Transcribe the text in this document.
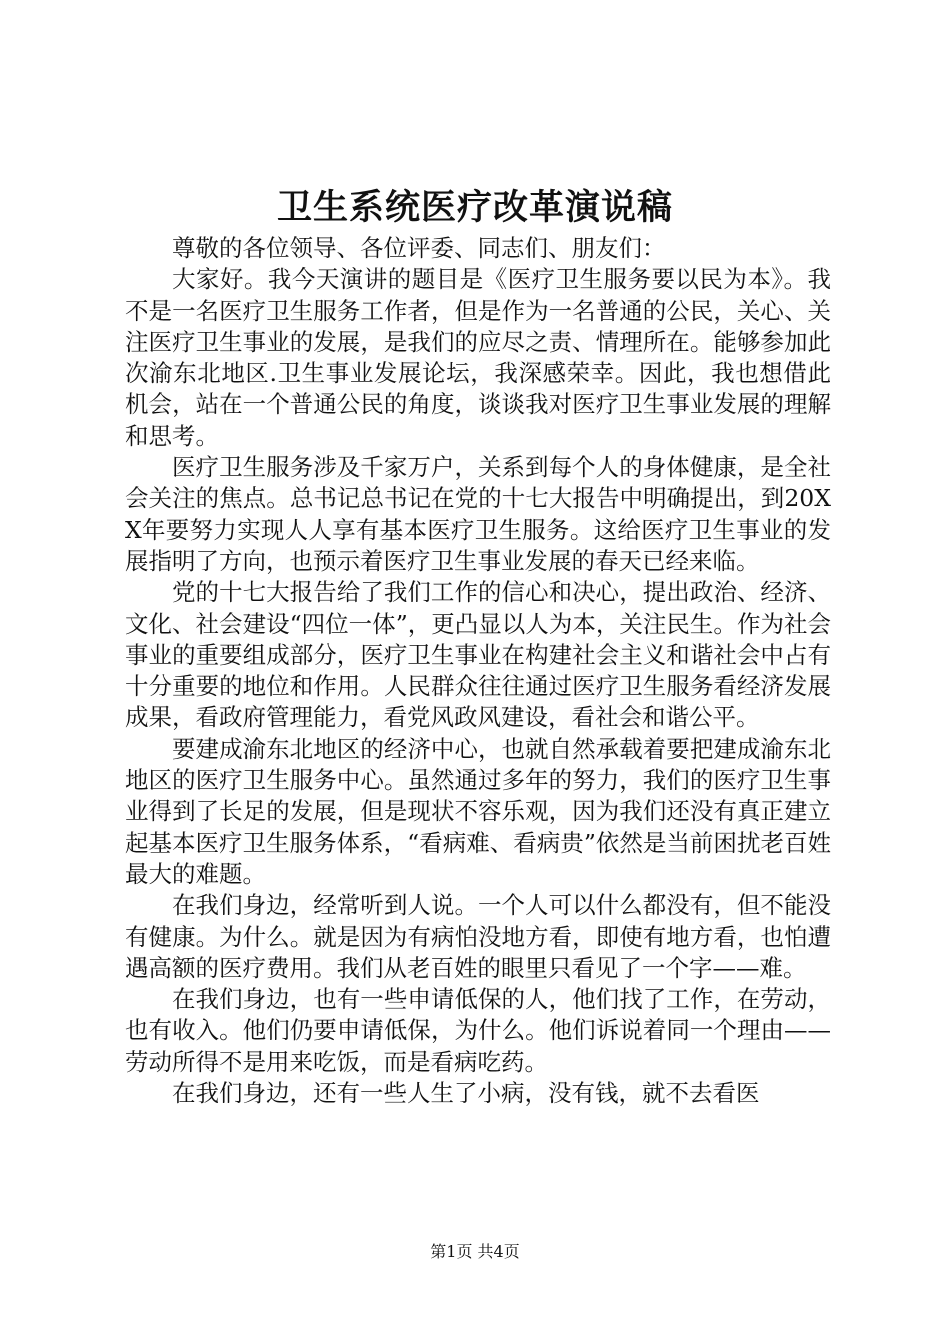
卫生系统医疗改革演说稿

尊敬的各位领导、各位评委、同志们、朋友们：

大家好。我今天演讲的题目是《医疗卫生服务要以民为本》。我不是一名医疗卫生服务工作者，但是作为一名普通的公民，关心、关注医疗卫生事业的发展，是我们的应尽之责、情理所在。能够参加此次渝东北地区.卫生事业发展论坛，我深感荣幸。因此，我也想借此机会，站在一个普通公民的角度，谈谈我对医疗卫生事业发展的理解和思考。

医疗卫生服务涉及千家万户，关系到每个人的身体健康，是全社会关注的焦点。总书记总书记在党的十七大报告中明确提出，到20XX年要努力实现人人享有基本医疗卫生服务。这给医疗卫生事业的发展指明了方向，也预示着医疗卫生事业发展的春天已经来临。

党的十七大报告给了我们工作的信心和决心，提出政治、经济、文化、社会建设“四位一体”，更凸显以人为本，关注民生。作为社会事业的重要组成部分，医疗卫生事业在构建社会主义和谐社会中占有十分重要的地位和作用。人民群众往往通过医疗卫生服务看经济发展成果，看政府管理能力，看党风政风建设，看社会和谐公平。

要建成渝东北地区的经济中心，也就自然承载着要把建成渝东北地区的医疗卫生服务中心。虽然通过多年的努力，我们的医疗卫生事业得到了长足的发展，但是现状不容乐观，因为我们还没有真正建立起基本医疗卫生服务体系，“看病难、看病贵”依然是当前困扰老百姓最大的难题。

在我们身边，经常听到人说。一个人可以什么都没有，但不能没有健康。为什么。就是因为有病怕没地方看，即使有地方看，也怕遭遇高额的医疗费用。我们从老百姓的眼里只看见了一个字——难。

在我们身边，也有一些申请低保的人，他们找了工作，在劳动，也有收入。他们仍要申请低保，为什么。他们诉说着同一个理由——劳动所得不是用来吃饭，而是看病吃药。

在我们身边，还有一些人生了小病，没有钱，就不去看医

第1页 共4页
